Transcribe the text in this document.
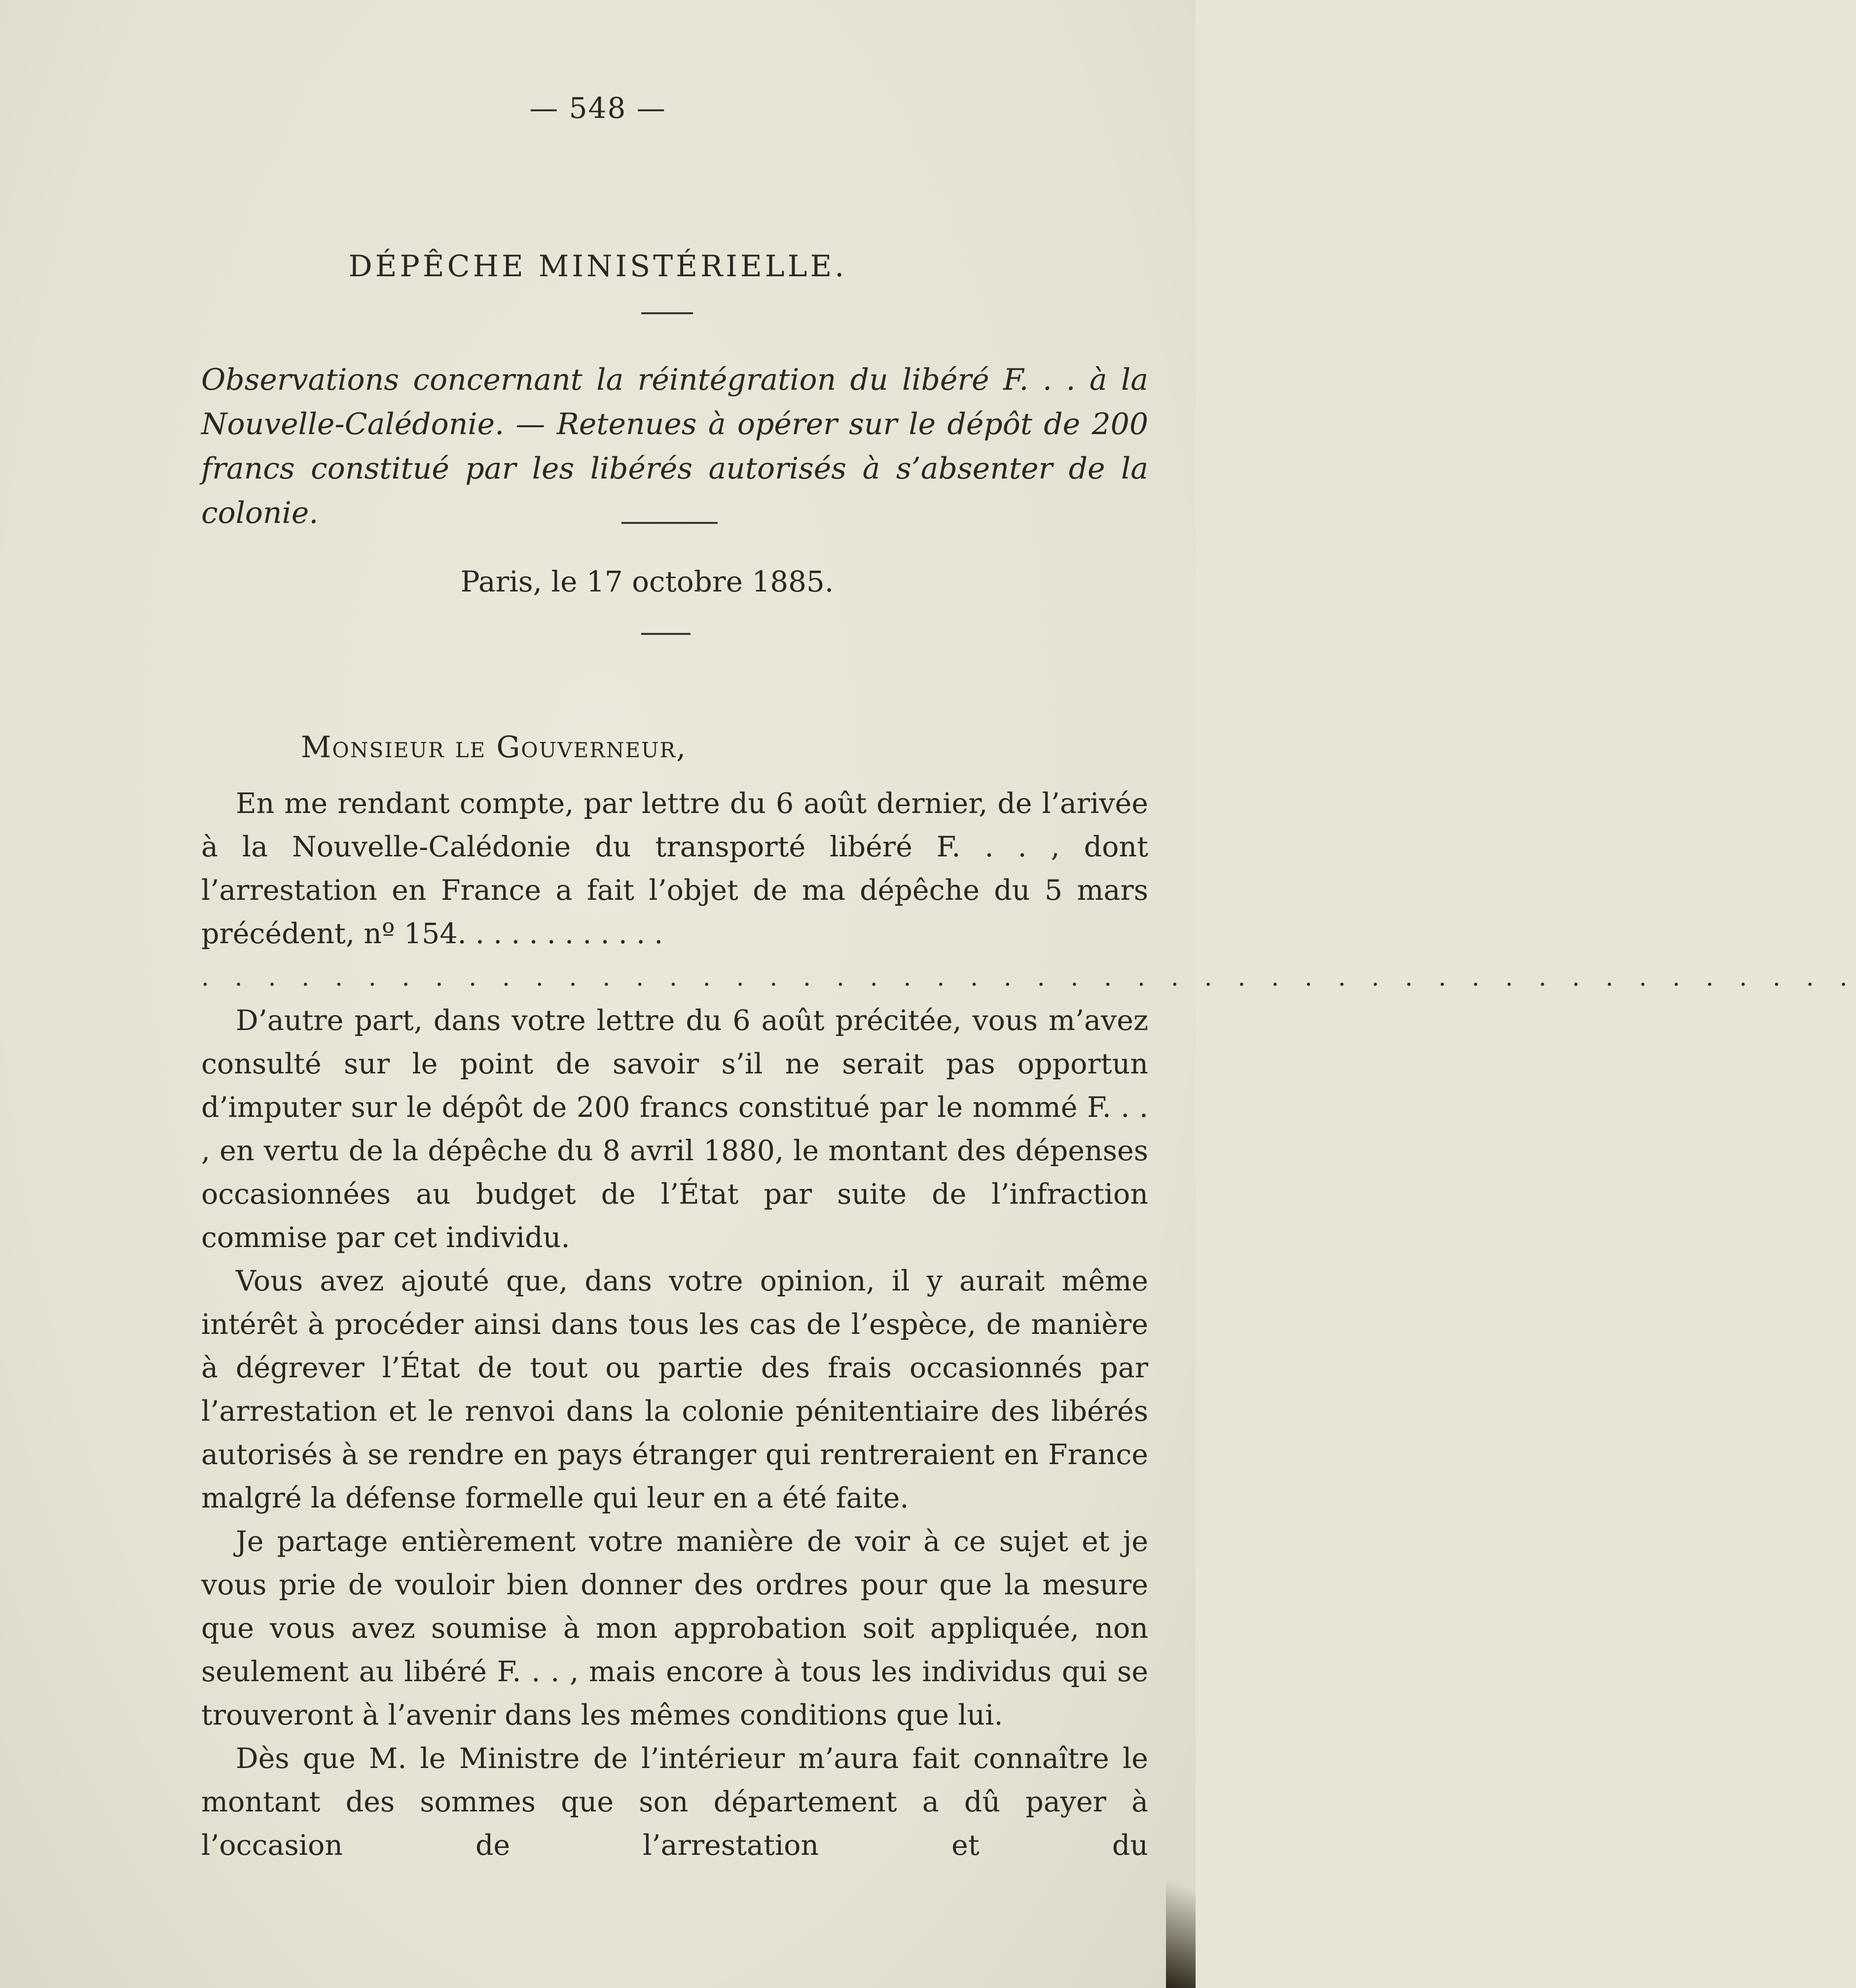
— 548 —
DÉPÊCHE MINISTÉRIELLE.
Observations concernant la réintégration du libéré F. . . à la Nouvelle-Calédonie. — Retenues à opérer sur le dépôt de 200 francs constitué par les libérés autorisés à s’absenter de la colonie.
Paris, le 17 octobre 1885.
Monsieur le Gouverneur,

En me rendant compte, par lettre du 6 août dernier, de l’arivée à la Nouvelle-Calédonie du transporté libéré F. . . , dont l’arrestation en France a fait l’objet de ma dépêche du 5 mars précédent, nº 154. . . . . . . . . . . .

. . . . . . . . . . . . . . . . . . . . . . . . . . . . . . . . . . . . . . . . . . . . . . . . . .

D’autre part, dans votre lettre du 6 août précitée, vous m’avez consulté sur le point de savoir s’il ne serait pas opportun d’imputer sur le dépôt de 200 francs constitué par le nommé F. . . , en vertu de la dépêche du 8 avril 1880, le montant des dépenses occasionnées au budget de l’État par suite de l’infraction commise par cet individu.

Vous avez ajouté que, dans votre opinion, il y aurait même intérêt à procéder ainsi dans tous les cas de l’espèce, de manière à dégrever l’État de tout ou partie des frais occasionnés par l’arrestation et le renvoi dans la colonie pénitentiaire des libérés autorisés à se rendre en pays étranger qui rentreraient en France malgré la défense formelle qui leur en a été faite.

Je partage entièrement votre manière de voir à ce sujet et je vous prie de vouloir bien donner des ordres pour que la mesure que vous avez soumise à mon approbation soit appliquée, non seulement au libéré F. . . , mais encore à tous les individus qui se trouveront à l’avenir dans les mêmes conditions que lui.

Dès que M. le Ministre de l’intérieur m’aura fait connaître le montant des sommes que son département a dû payer à l’occasion de l’arrestation et du
